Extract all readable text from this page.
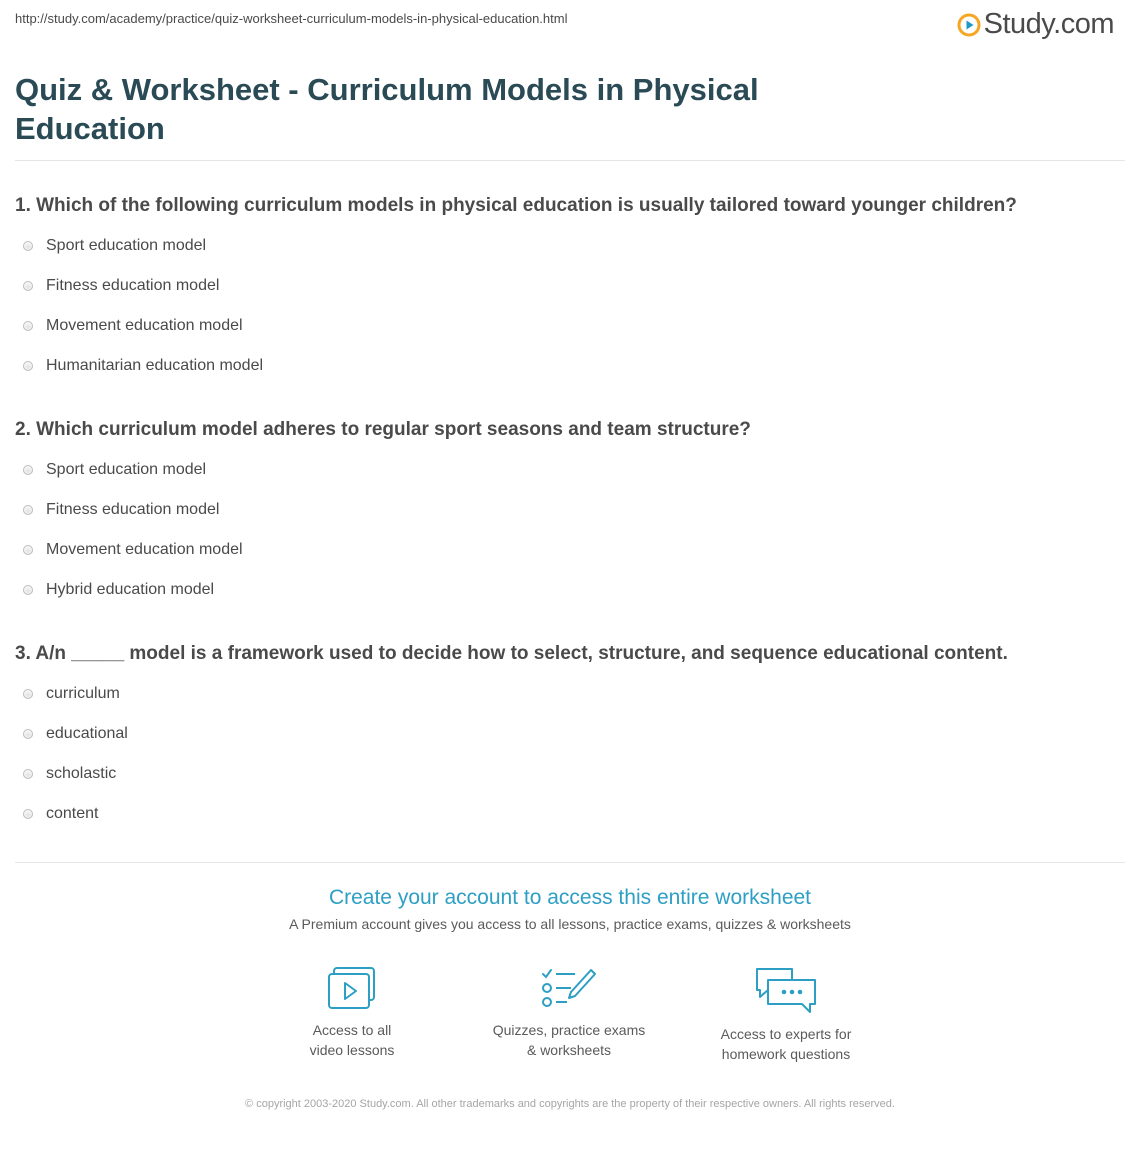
http://study.com/academy/practice/quiz-worksheet-curriculum-models-in-physical-education.html	Study.com
Quiz & Worksheet - Curriculum Models in Physical Education
1. Which of the following curriculum models in physical education is usually tailored toward younger children?
Sport education model
Fitness education model
Movement education model
Humanitarian education model
2. Which curriculum model adheres to regular sport seasons and team structure?
Sport education model
Fitness education model
Movement education model
Hybrid education model
3. A/n _____ model is a framework used to decide how to select, structure, and sequence educational content.
curriculum
educational
scholastic
content
Create your account to access this entire worksheet
A Premium account gives you access to all lessons, practice exams, quizzes & worksheets
Access to all
video lessons
Quizzes, practice exams
& worksheets
Access to experts for
homework questions
© copyright 2003-2020 Study.com. All other trademarks and copyrights are the property of their respective owners. All rights reserved.
